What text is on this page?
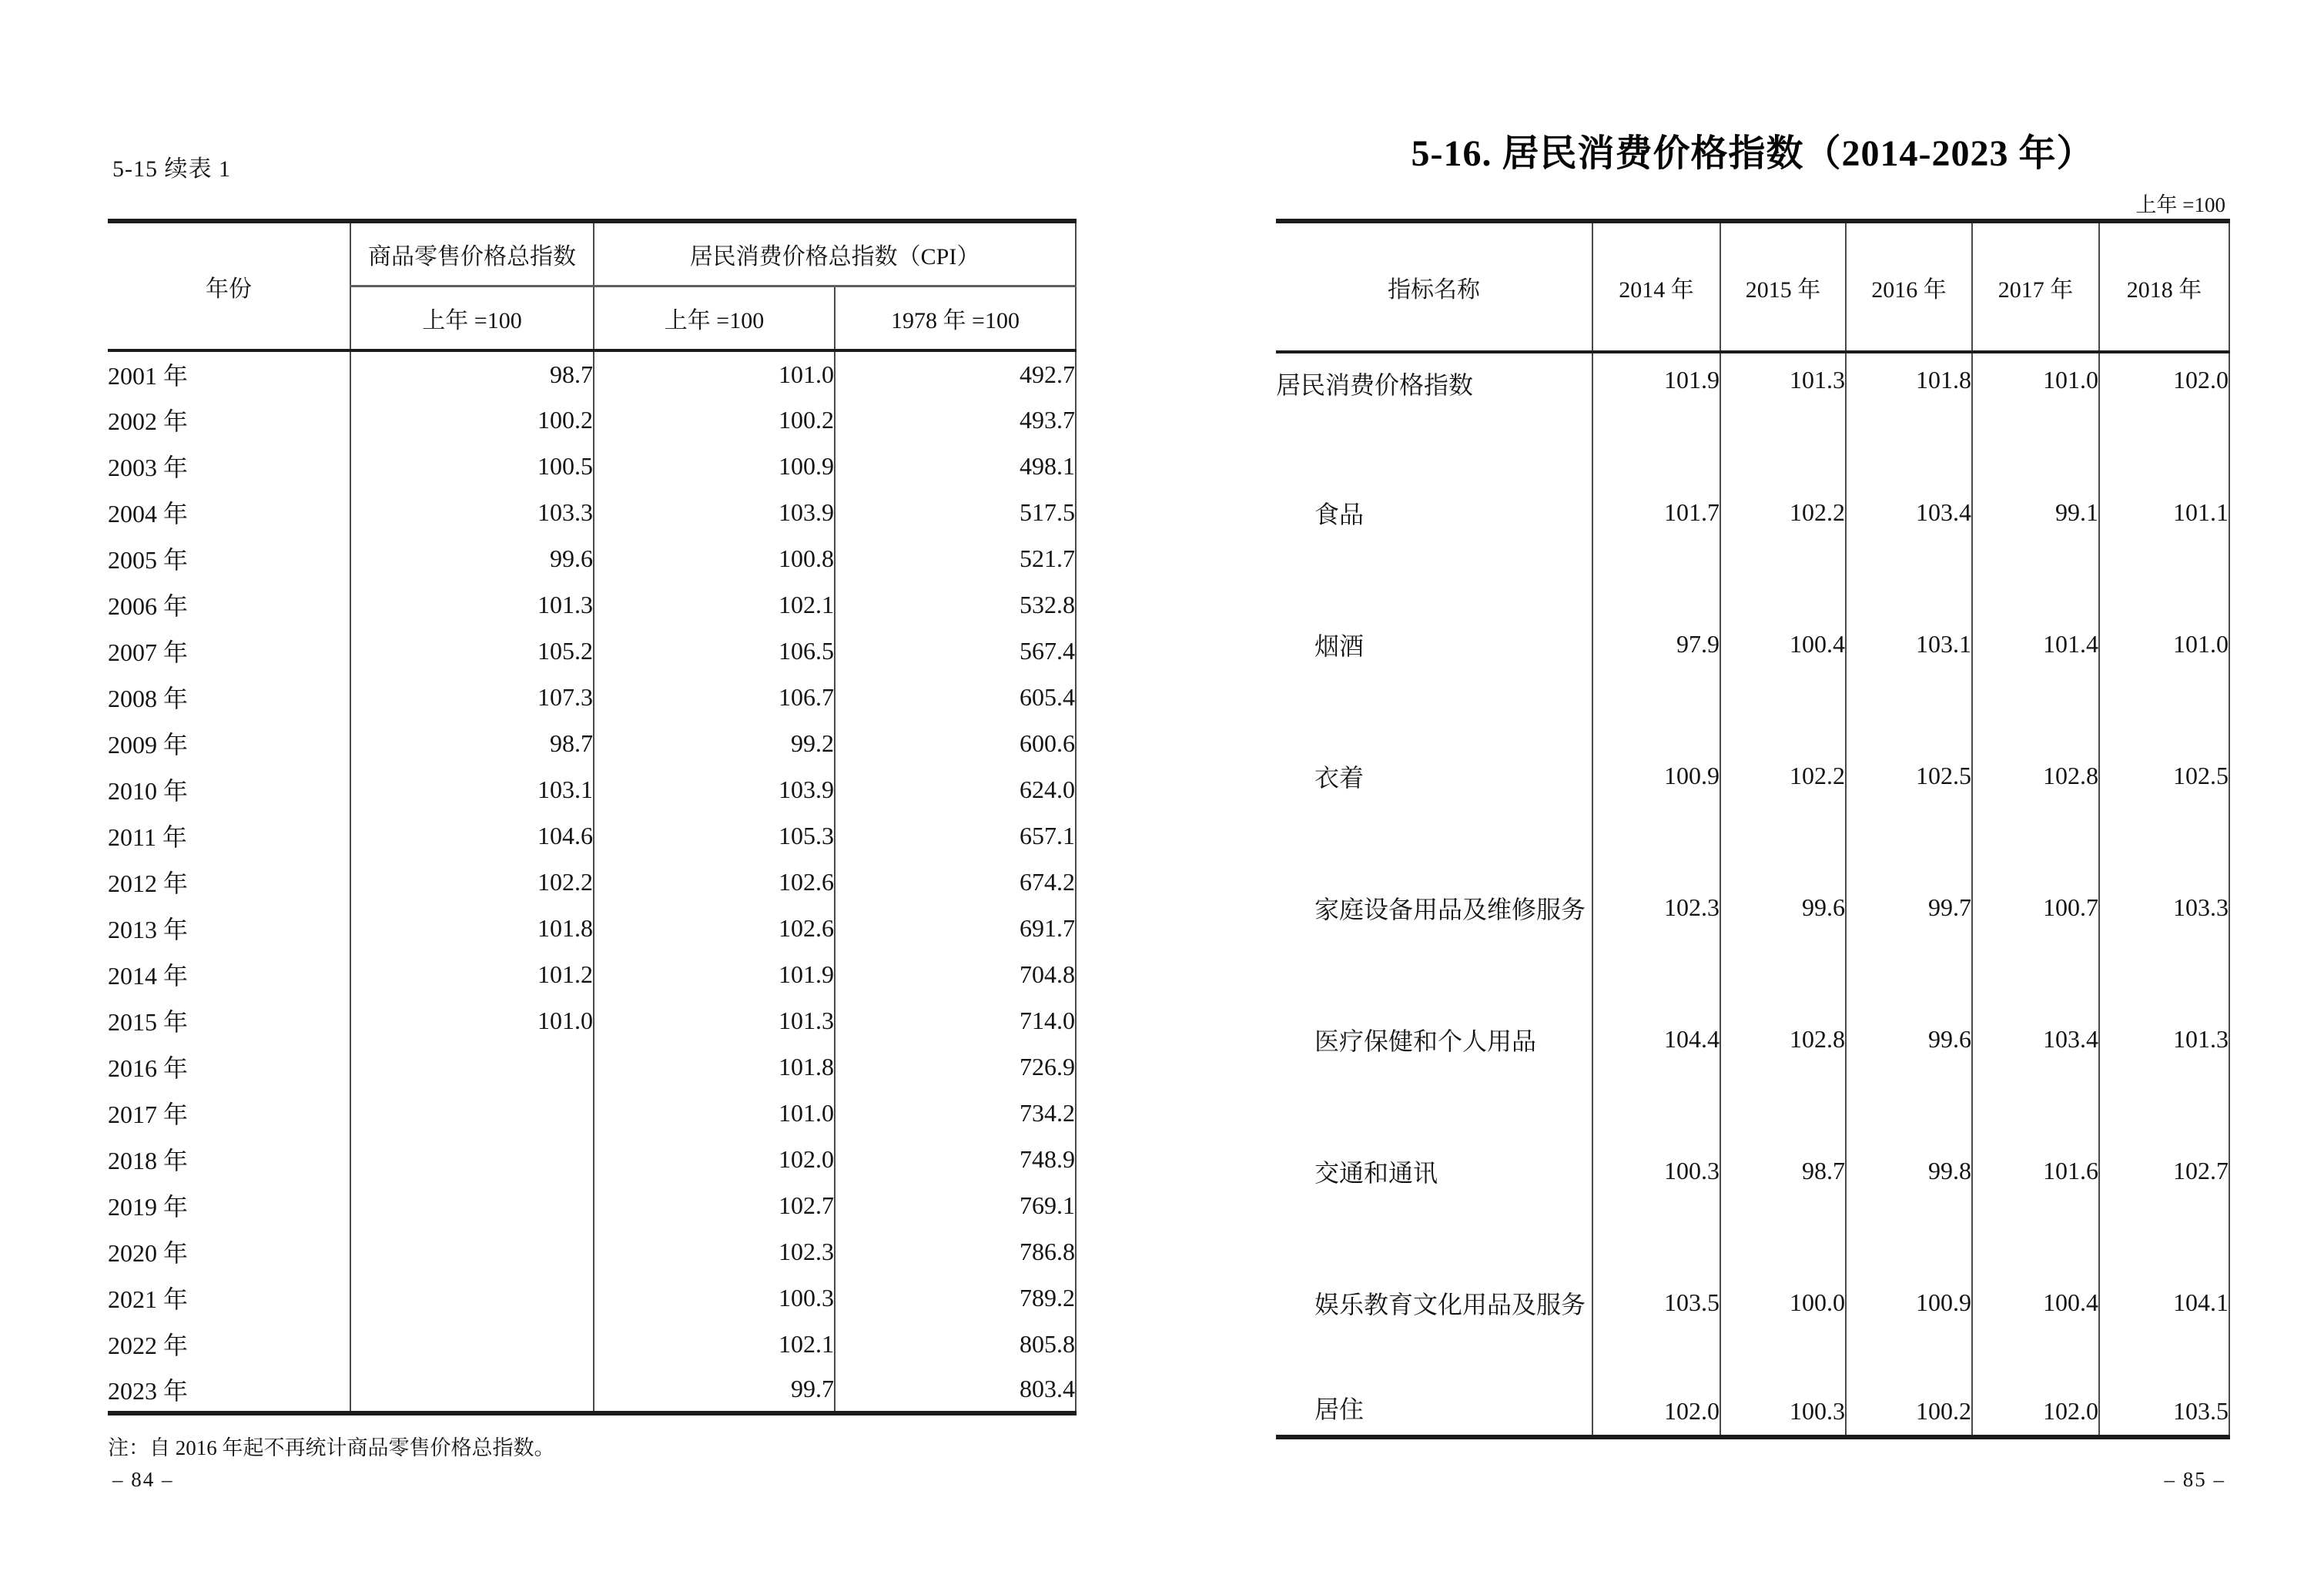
5-15 续表 1
年份	商品零售价格总指数	居民消费价格总指数（CPI）	
	上年 =100	上年 =100	1978 年 =100
2001 年	98.7	101.0	492.7
2002 年	100.2	100.2	493.7
2003 年	100.5	100.9	498.1
2004 年	103.3	103.9	517.5
2005 年	99.6	100.8	521.7
2006 年	101.3	102.1	532.8
2007 年	105.2	106.5	567.4
2008 年	107.3	106.7	605.4
2009 年	98.7	99.2	600.6
2010 年	103.1	103.9	624.0
2011 年	104.6	105.3	657.1
2012 年	102.2	102.6	674.2
2013 年	101.8	102.6	691.7
2014 年	101.2	101.9	704.8
2015 年	101.0	101.3	714.0
2016 年		101.8	726.9
2017 年		101.0	734.2
2018 年		102.0	748.9
2019 年		102.7	769.1
2020 年		102.3	786.8
2021 年		100.3	789.2
2022 年		102.1	805.8
2023 年		99.7	803.4
注：自 2016 年起不再统计商品零售价格总指数。
– 84 –
5-16. 居民消费价格指数（2014-2023 年）
上年 =100
指标名称	2014 年	2015 年	2016 年	2017 年	2018 年
居民消费价格指数	101.9	101.3	101.8	101.0	102.0
食品	101.7	102.2	103.4	99.1	101.1
烟酒	97.9	100.4	103.1	101.4	101.0
衣着	100.9	102.2	102.5	102.8	102.5
家庭设备用品及维修服务	102.3	99.6	99.7	100.7	103.3
医疗保健和个人用品	104.4	102.8	99.6	103.4	101.3
交通和通讯	100.3	98.7	99.8	101.6	102.7
娱乐教育文化用品及服务	103.5	100.0	100.9	100.4	104.1
居住	102.0	100.3	100.2	102.0	103.5
– 85 –
